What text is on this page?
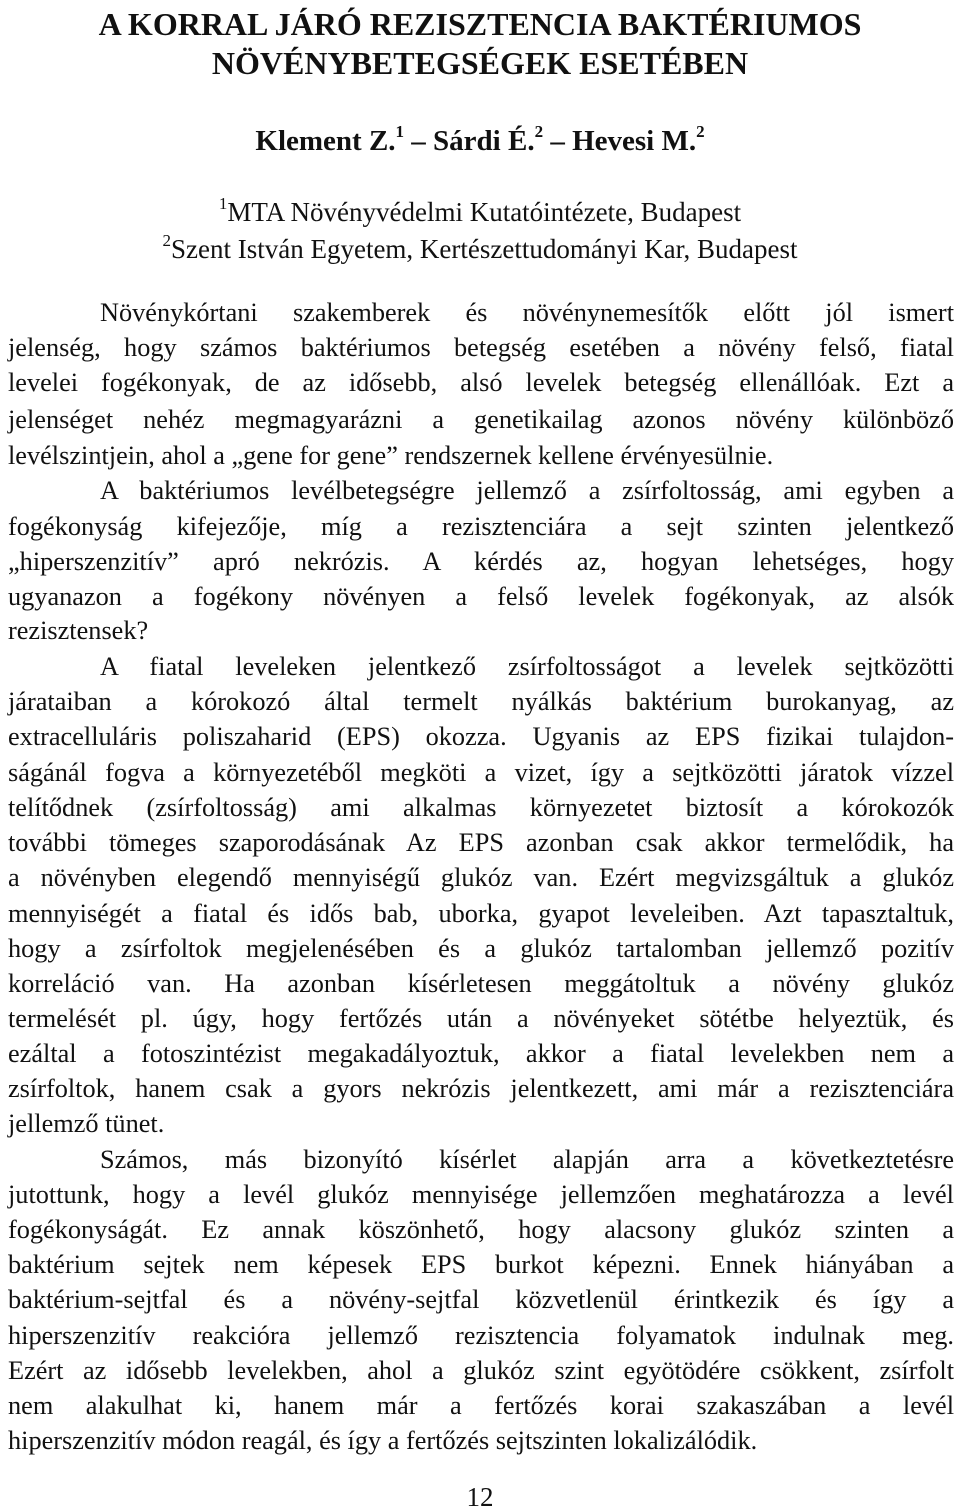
A KORRAL JÁRÓ REZISZTENCIA BAKTÉRIUMOS
NÖVÉNYBETEGSÉGEK ESETÉBEN
Klement Z.$^1$ – Sárdi É.$^2$ – Hevesi M.$^2$
$^1$MTA Növényvédelmi Kutatóintézete, Budapest
$^2$Szent István Egyetem, Kertészettudományi Kar, Budapest
Növénykórtani szakemberek és növénynemesítők előtt jól ismert
jelenség, hogy számos baktériumos betegség esetében a növény felső, fiatal
levelei fogékonyak, de az idősebb, alsó levelek betegség ellenállóak. Ezt a
jelenséget nehéz megmagyarázni a genetikailag azonos növény különböző
levélszintjein, ahol a „gene for gene” rendszernek kellene érvényesülnie.
A baktériumos levélbetegségre jellemző a zsírfoltosság, ami egyben a
fogékonyság kifejezője, míg a rezisztenciára a sejt szinten jelentkező
„hiperszenzitív” apró nekrózis. A kérdés az, hogyan lehetséges, hogy
ugyanazon a fogékony növényen a felső levelek fogékonyak, az alsók
rezisztensek?
A fiatal leveleken jelentkező zsírfoltosságot a levelek sejtközötti
járataiban a kórokozó által termelt nyálkás baktérium burokanyag, az
extracelluláris poliszaharid (EPS) okozza. Ugyanis az EPS fizikai tulajdon-
ságánál fogva a környezetéből megköti a vizet, így a sejtközötti járatok vízzel
telítődnek (zsírfoltosság) ami alkalmas környezetet biztosít a kórokozók
további tömeges szaporodásának Az EPS azonban csak akkor termelődik, ha
a növényben elegendő mennyiségű glukóz van. Ezért megvizsgáltuk a glukóz
mennyiségét a fiatal és idős bab, uborka, gyapot leveleiben. Azt tapasztaltuk,
hogy a zsírfoltok megjelenésében és a glukóz tartalomban jellemző pozitív
korreláció van. Ha azonban kísérletesen meggátoltuk a növény glukóz
termelését pl. úgy, hogy fertőzés után a növényeket sötétbe helyeztük, és
ezáltal a fotoszintézist megakadályoztuk, akkor a fiatal levelekben nem a
zsírfoltok, hanem csak a gyors nekrózis jelentkezett, ami már a rezisztenciára
jellemző tünet.
Számos, más bizonyító kísérlet alapján arra a következtetésre
jutottunk, hogy a levél glukóz mennyisége jellemzően meghatározza a levél
fogékonyságát. Ez annak köszönhető, hogy alacsony glukóz szinten a
baktérium sejtek nem képesek EPS burkot képezni. Ennek hiányában a
baktérium-sejtfal és a növény-sejtfal közvetlenül érintkezik és így a
hiperszenzitív reakcióra jellemző rezisztencia folyamatok indulnak meg.
Ezért az idősebb levelekben, ahol a glukóz szint egyötödére csökkent, zsírfolt
nem alakulhat ki, hanem már a fertőzés korai szakaszában a levél
hiperszenzitív módon reagál, és így a fertőzés sejtszinten lokalizálódik.
12
